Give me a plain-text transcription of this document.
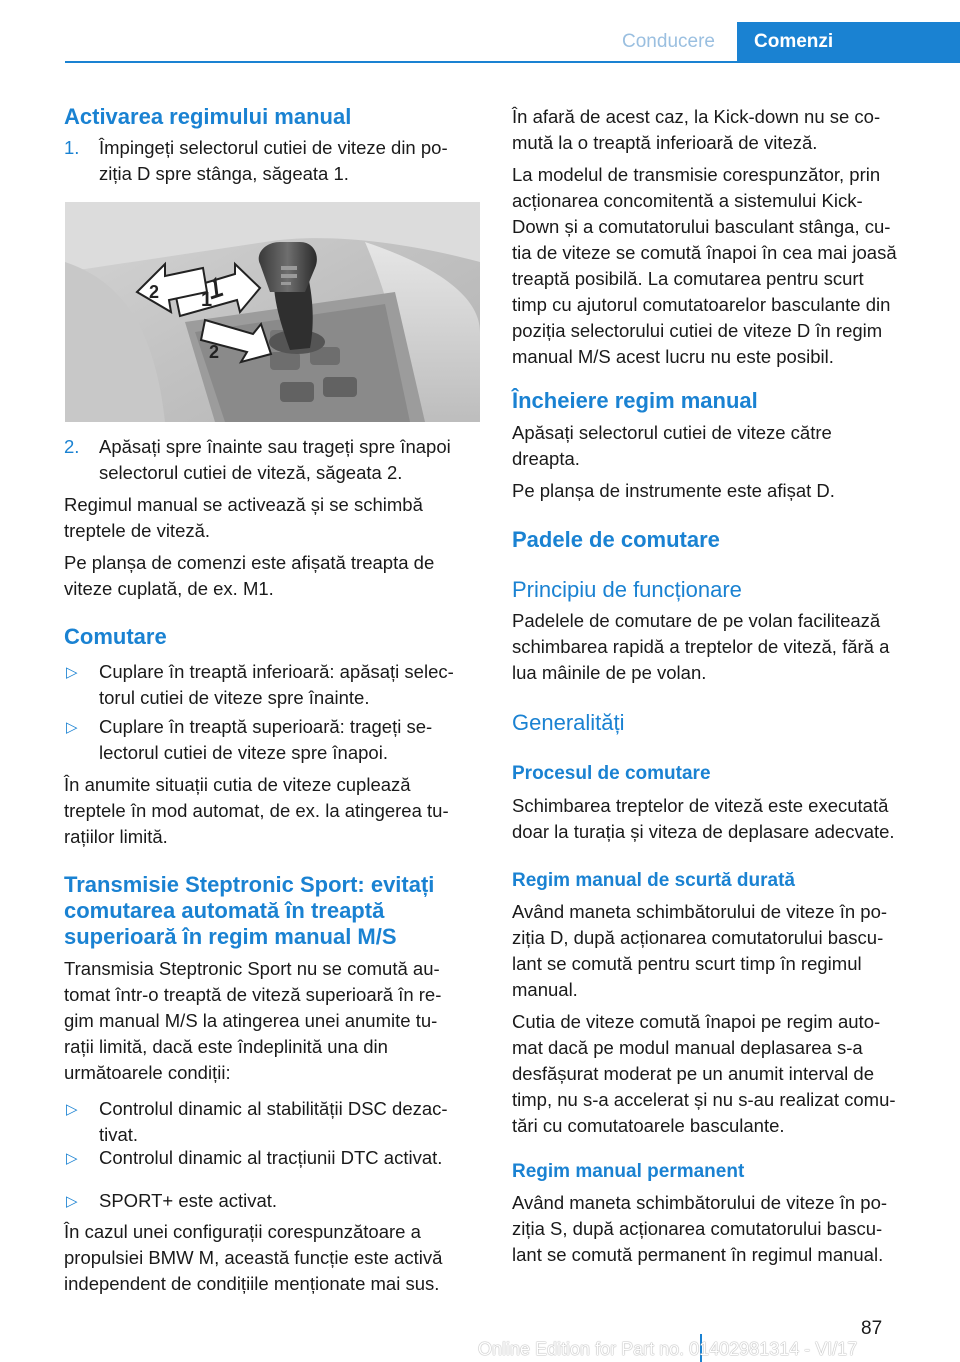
Conducere	Comenzi
Activarea regimului manual
1. Împingeți selectorul cutiei de viteze din po‐
ziția D spre stânga, săgeata 1.
2
2
1
2. Apăsați spre înainte sau trageți spre înapoi
selectorul cutiei de viteză, săgeata 2.
Regimul manual se activează și se schimbă
treptele de viteză.
Pe planșa de comenzi este afișată treapta de
viteze cuplată, de ex. M1.
Comutare
▷ Cuplare în treaptă inferioară: apăsați selec‐
torul cutiei de viteze spre înainte.
▷ Cuplare în treaptă superioară: trageți se‐
lectorul cutiei de viteze spre înapoi.
În anumite situații cutia de viteze cuplează
treptele în mod automat, de ex. la atingerea tu‐
rațiilor limită.
Transmisie Steptronic Sport: evitați
comutarea automată în treaptă
superioară în regim manual M/S
Transmisia Steptronic Sport nu se comută au‐
tomat într-o treaptă de viteză superioară în re‐
gim manual M/S la atingerea unei anumite tu‐
rații limită, dacă este îndeplinită una din
următoarele condiții:
▷ Controlul dinamic al stabilității DSC dezac‐
tivat.
▷ Controlul dinamic al tracțiunii DTC activat.
▷ SPORT+ este activat.
În cazul unei configurații corespunzătoare a
propulsiei BMW M, această funcție este activă
independent de condițiile menționate mai sus.
În afară de acest caz, la Kick-down nu se co‐
mută la o treaptă inferioară de viteză.
La modelul de transmisie corespunzător, prin
acționarea concomitentă a sistemului Kick-
Down și a comutatorului basculant stânga, cu‐
tia de viteze se comută înapoi în cea mai joasă
treaptă posibilă. La comutarea pentru scurt
timp cu ajutorul comutatoarelor basculante din
poziția selectorului cutiei de viteze D în regim
manual M/S acest lucru nu este posibil.
Încheiere regim manual
Apăsați selectorul cutiei de viteze către
dreapta.
Pe planșa de instrumente este afișat D.
Padele de comutare
Principiu de funcționare
Padelele de comutare de pe volan facilitează
schimbarea rapidă a treptelor de viteză, fără a
lua mâinile de pe volan.
Generalități
Procesul de comutare
Schimbarea treptelor de viteză este executată
doar la turația și viteza de deplasare adecvate.
Regim manual de scurtă durată
Având maneta schimbătorului de viteze în po‐
ziția D, după acționarea comutatorului bascu‐
lant se comută pentru scurt timp în regimul
manual.
Cutia de viteze comută înapoi pe regim auto‐
mat dacă pe modul manual deplasarea s-a
desfășurat moderat pe un anumit interval de
timp, nu s-a accelerat și nu s-au realizat comu‐
tări cu comutatoarele basculante.
Regim manual permanent
Având maneta schimbătorului de viteze în po‐
ziția S, după acționarea comutatorului bascu‐
lant se comută permanent în regimul manual.
87
Online Edition for Part no. 01402981314 - VI/17
